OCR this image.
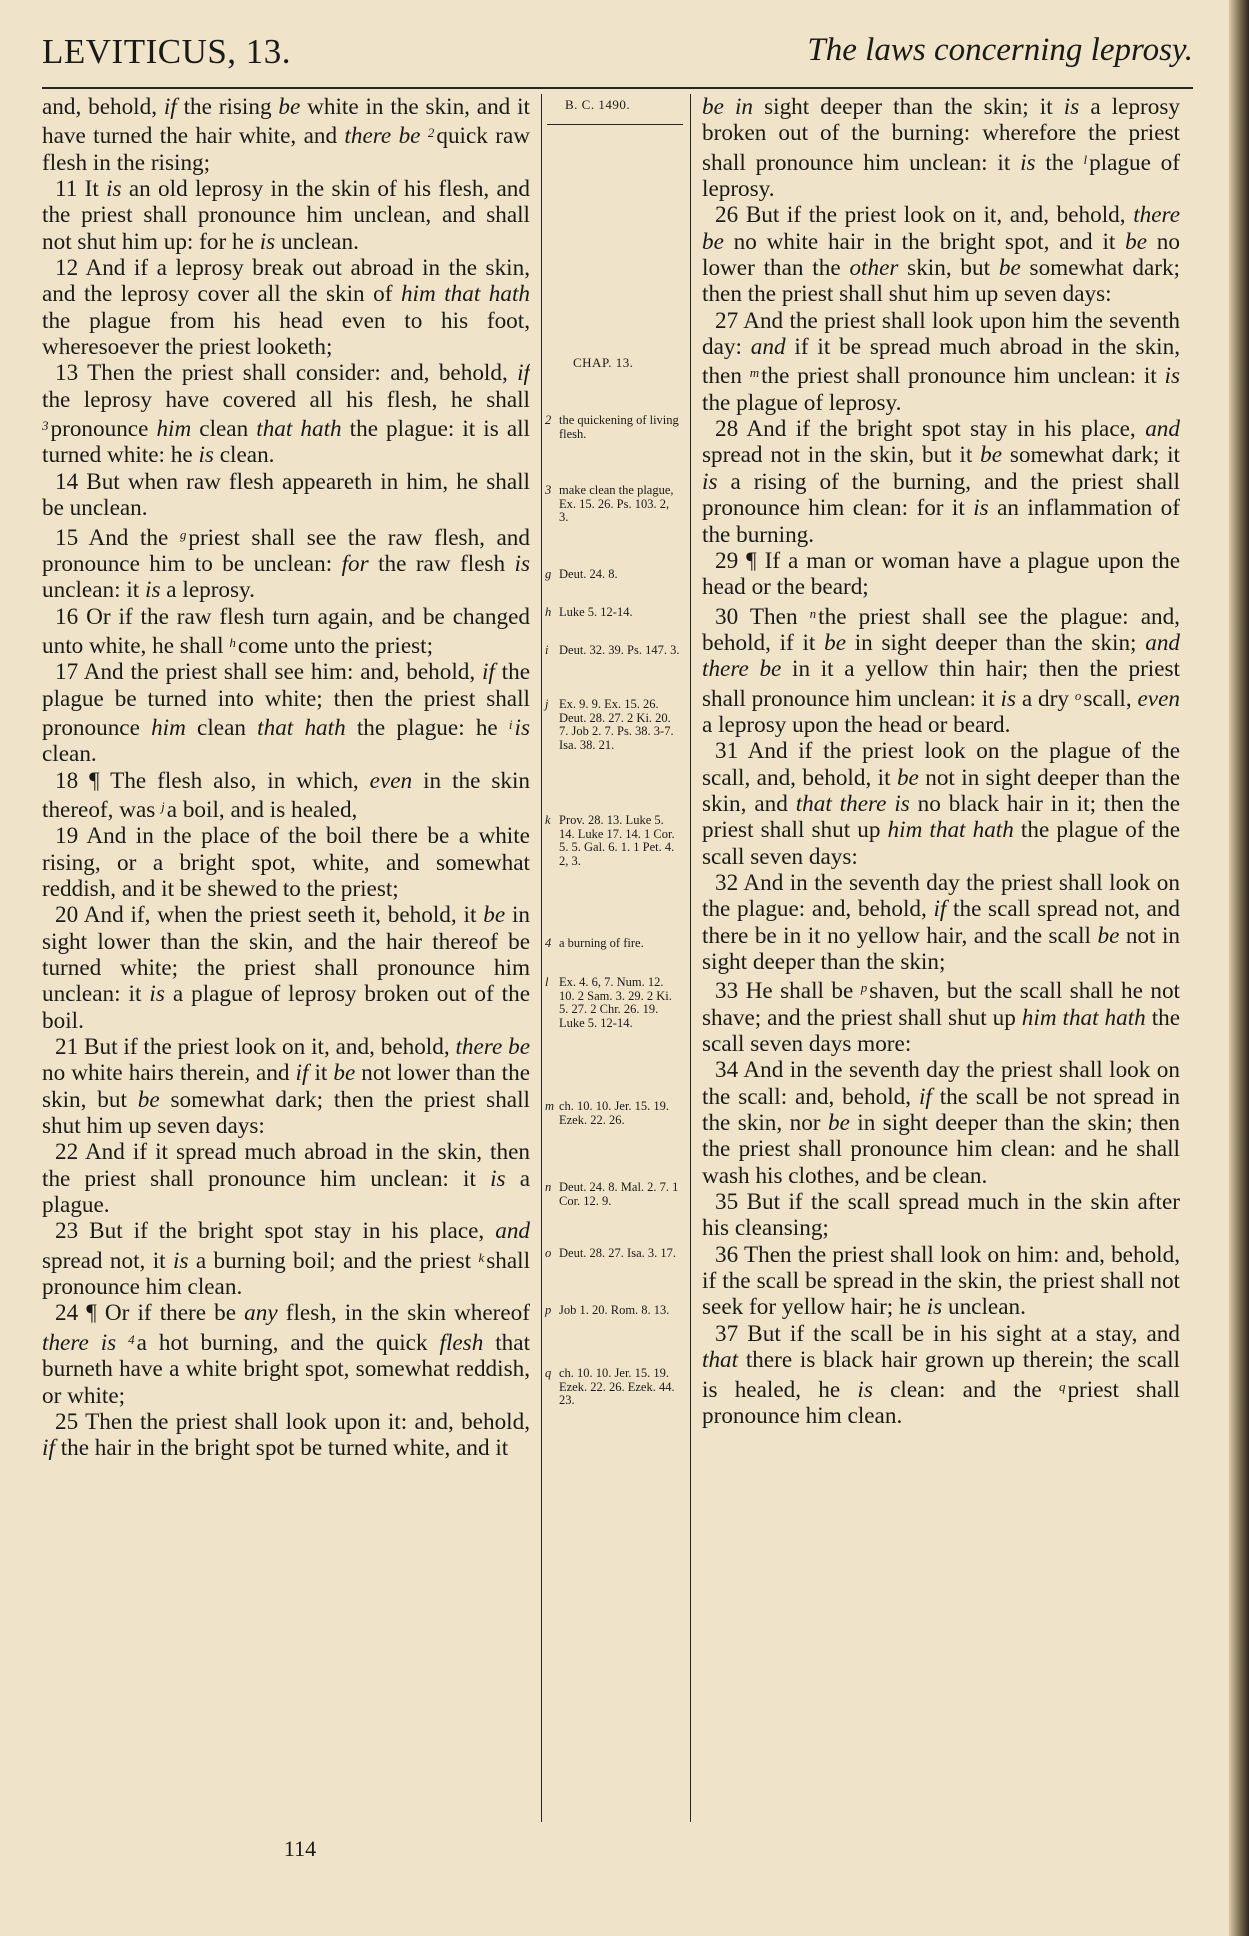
LEVITICUS, 13.	The laws concerning leprosy.

and, behold, if the rising be white in the skin, and it have turned the hair white, and there be $^2$quick raw flesh in the rising;

11 It is an old leprosy in the skin of his flesh, and the priest shall pronounce him unclean, and shall not shut him up: for he is unclean.

12 And if a leprosy break out abroad in the skin, and the leprosy cover all the skin of him that hath the plague from his head even to his foot, wheresoever the priest looketh;

13 Then the priest shall consider: and, behold, if the leprosy have covered all his flesh, he shall $^3$pronounce him clean that hath the plague: it is all turned white: he is clean.

14 But when raw flesh appeareth in him, he shall be unclean.

15 And the $^g$priest shall see the raw flesh, and pronounce him to be unclean: for the raw flesh is unclean: it is a leprosy.

16 Or if the raw flesh turn again, and be changed unto white, he shall $^h$come unto the priest;

17 And the priest shall see him: and, behold, if the plague be turned into white; then the priest shall pronounce him clean that hath the plague: he $^i$is clean.

18 ¶ The flesh also, in which, even in the skin thereof, was $^j$a boil, and is healed,

19 And in the place of the boil there be a white rising, or a bright spot, white, and somewhat reddish, and it be shewed to the priest;

20 And if, when the priest seeth it, behold, it be in sight lower than the skin, and the hair thereof be turned white; the priest shall pronounce him unclean: it is a plague of leprosy broken out of the boil.

21 But if the priest look on it, and, behold, there be no white hairs therein, and if it be not lower than the skin, but be somewhat dark; then the priest shall shut him up seven days:

22 And if it spread much abroad in the skin, then the priest shall pronounce him unclean: it is a plague.

23 But if the bright spot stay in his place, and spread not, it is a burning boil; and the priest $^k$shall pronounce him clean.

24 ¶ Or if there be any flesh, in the skin whereof there is $^4$a hot burning, and the quick flesh that burneth have a white bright spot, somewhat reddish, or white;

25 Then the priest shall look upon it: and, behold, if the hair in the bright spot be turned white, and it

B. C. 1490.
CHAP. 13.
2 the quickening of living flesh.
3 make clean the plague, Ex. 15. 26. Ps. 103. 2, 3.
g Deut. 24. 8.
h Luke 5. 12-14.
i Deut. 32. 39. Ps. 147. 3.
j Ex. 9. 9. Ex. 15. 26. Deut. 28. 27. 2 Ki. 20. 7. Job 2. 7. Ps. 38. 3-7. Isa. 38. 21.
k Prov. 28. 13. Luke 5. 14. Luke 17. 14. 1 Cor. 5. 5. Gal. 6. 1. 1 Pet. 4. 2, 3.
4 a burning of fire.
l Ex. 4. 6, 7. Num. 12. 10. 2 Sam. 3. 29. 2 Ki. 5. 27. 2 Chr. 26. 19. Luke 5. 12-14.
m ch. 10. 10. Jer. 15. 19. Ezek. 22. 26.
n Deut. 24. 8. Mal. 2. 7. 1 Cor. 12. 9.
o Deut. 28. 27. Isa. 3. 17.
p Job 1. 20. Rom. 8. 13.
q ch. 10. 10. Jer. 15. 19. Ezek. 22. 26. Ezek. 44. 23.

be in sight deeper than the skin; it is a leprosy broken out of the burning: wherefore the priest shall pronounce him unclean: it is the $^l$plague of leprosy.

26 But if the priest look on it, and, behold, there be no white hair in the bright spot, and it be no lower than the other skin, but be somewhat dark; then the priest shall shut him up seven days:

27 And the priest shall look upon him the seventh day: and if it be spread much abroad in the skin, then $^m$the priest shall pronounce him unclean: it is the plague of leprosy.

28 And if the bright spot stay in his place, and spread not in the skin, but it be somewhat dark; it is a rising of the burning, and the priest shall pronounce him clean: for it is an inflammation of the burning.

29 ¶ If a man or woman have a plague upon the head or the beard;

30 Then $^n$the priest shall see the plague: and, behold, if it be in sight deeper than the skin; and there be in it a yellow thin hair; then the priest shall pronounce him unclean: it is a dry $^o$scall, even a leprosy upon the head or beard.

31 And if the priest look on the plague of the scall, and, behold, it be not in sight deeper than the skin, and that there is no black hair in it; then the priest shall shut up him that hath the plague of the scall seven days:

32 And in the seventh day the priest shall look on the plague: and, behold, if the scall spread not, and there be in it no yellow hair, and the scall be not in sight deeper than the skin;

33 He shall be $^p$shaven, but the scall shall he not shave; and the priest shall shut up him that hath the scall seven days more:

34 And in the seventh day the priest shall look on the scall: and, behold, if the scall be not spread in the skin, nor be in sight deeper than the skin; then the priest shall pronounce him clean: and he shall wash his clothes, and be clean.

35 But if the scall spread much in the skin after his cleansing;

36 Then the priest shall look on him: and, behold, if the scall be spread in the skin, the priest shall not seek for yellow hair; he is unclean.

37 But if the scall be in his sight at a stay, and that there is black hair grown up therein; the scall is healed, he is clean: and the $^q$priest shall pronounce him clean.

114
